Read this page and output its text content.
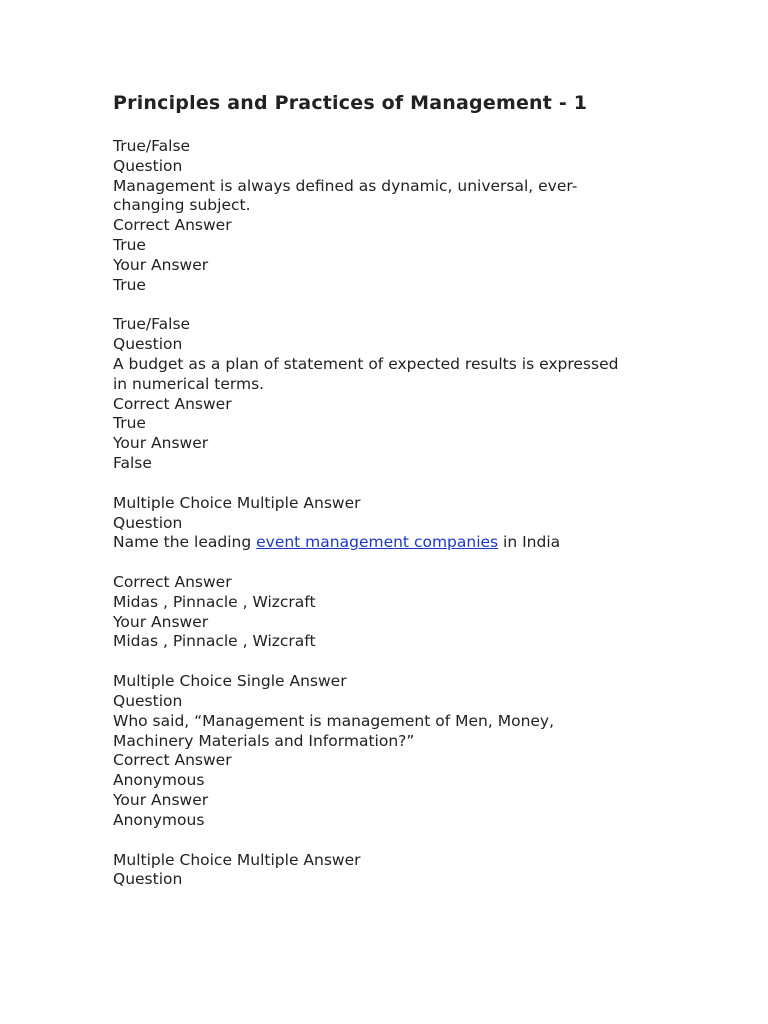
Principles and Practices of Management - 1

True/False

Question

Management is always defined as dynamic, universal, ever-

changing subject.

Correct Answer

True

Your Answer

True

True/False

Question

A budget as a plan of statement of expected results is expressed

in numerical terms.

Correct Answer

True

Your Answer

False

Multiple Choice Multiple Answer

Question

Name the leading event management companies in India

Correct Answer

Midas , Pinnacle , Wizcraft

Your Answer

Midas , Pinnacle , Wizcraft

Multiple Choice Single Answer

Question

Who said, “Management is management of Men, Money,

Machinery Materials and Information?”

Correct Answer

Anonymous

Your Answer

Anonymous

Multiple Choice Multiple Answer

Question
